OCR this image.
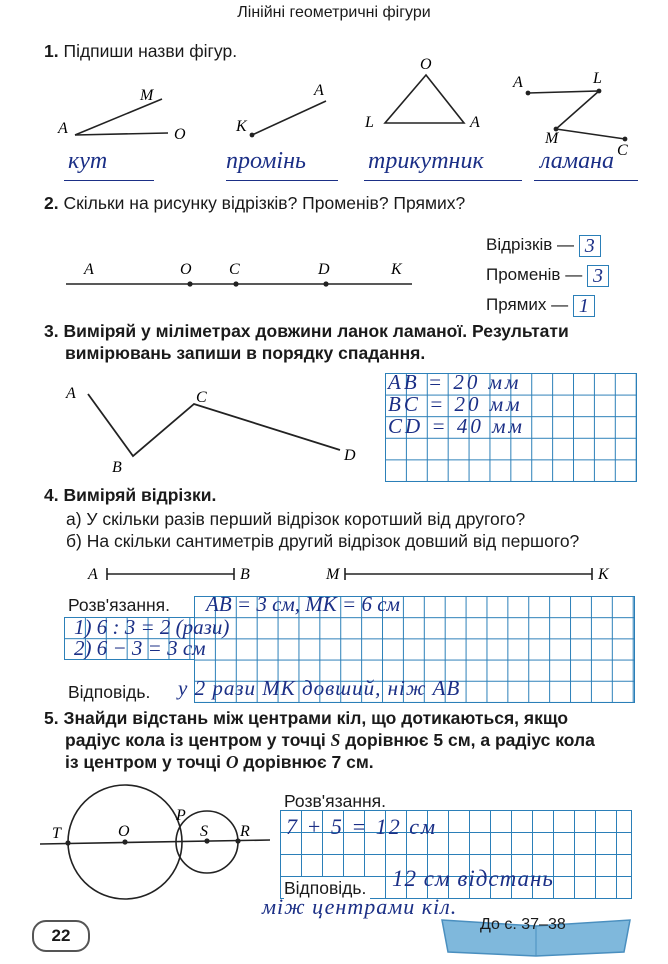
Лінійні геометричні фігури
1. Підпиши назви фігур.
A
M
O	K
A
O
L	A
A	L
M
C
кут	промінь	трикутник ламана
2. Скільки на рисунку відрізків? Променів? Прямих?
A	O C	D	K
Відрізків — 3
Променів — 3
Прямих — 1
3. Виміряй у міліметрах довжини ланок ламаної. Результати
вимірювань запиши в порядку спадання.
A
B
C
D
AB = 20 мм
BC = 20 мм
CD = 40 мм
4. Виміряй відрізки.
а) У скільки разів перший відрізок коротший від другого?
б) На скільки сантиметрів другий відрізок довший від першого?
A	B	M	K
Розв'язання. AB = 3 см, MK = 6 см
1) 6 : 3 = 2 (рази)
2) 6 − 3 = 3 см
Відповідь. у 2 рази MK довший, ніж AB
5. Знайди відстань між центрами кіл, що дотикаються, якщо
радіус кола із центром у точці S дорівнює 5 см, а радіус кола
із центром у точці O дорівнює 7 см.
T	O
P
S R
Розв'язання.
7 + 5 = 12 см
Відповідь. 12 см відстань
між центрами кіл.
22
До с. 37–38
